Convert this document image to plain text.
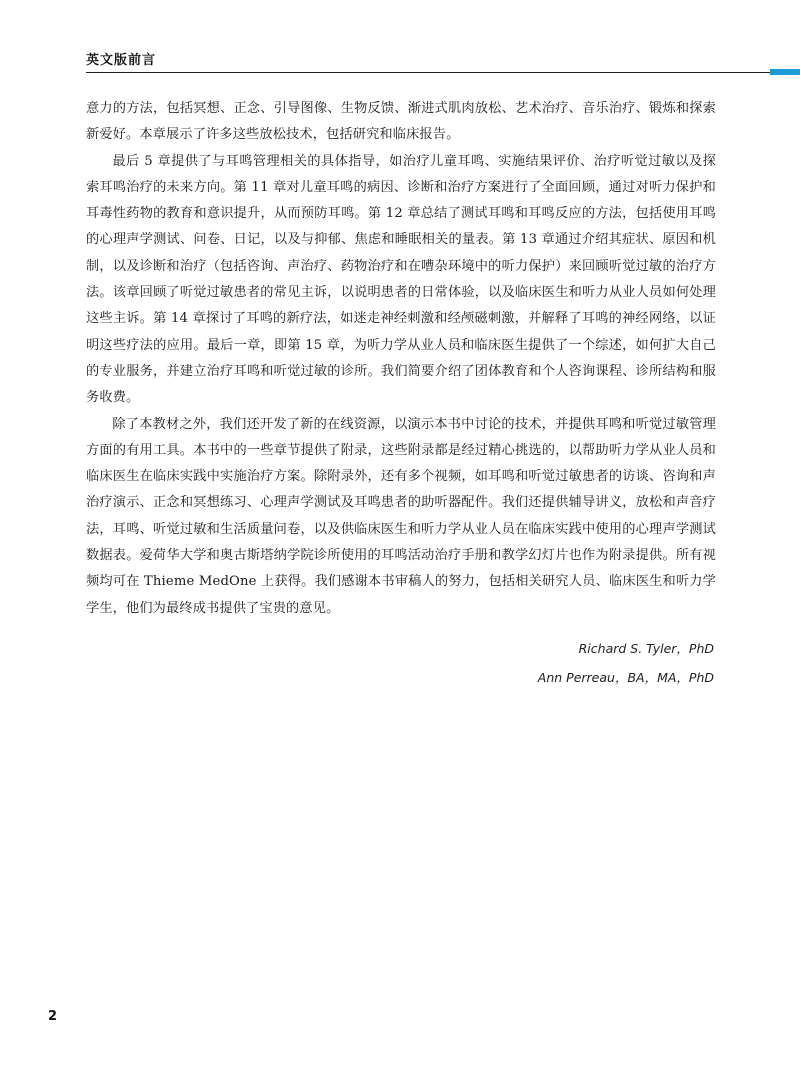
英文版前言

意力的方法，包括冥想、正念、引导图像、生物反馈、渐进式肌肉放松、艺术治疗、音乐治疗、锻炼和探索新爱好。本章展示了许多这些放松技术，包括研究和临床报告。

最后 5 章提供了与耳鸣管理相关的具体指导，如治疗儿童耳鸣、实施结果评价、治疗听觉过敏以及探索耳鸣治疗的未来方向。第 11 章对儿童耳鸣的病因、诊断和治疗方案进行了全面回顾，通过对听力保护和耳毒性药物的教育和意识提升，从而预防耳鸣。第 12 章总结了测试耳鸣和耳鸣反应的方法，包括使用耳鸣的心理声学测试、问卷、日记，以及与抑郁、焦虑和睡眠相关的量表。第 13 章通过介绍其症状、原因和机制，以及诊断和治疗（包括咨询、声治疗、药物治疗和在嘈杂环境中的听力保护）来回顾听觉过敏的治疗方法。该章回顾了听觉过敏患者的常见主诉，以说明患者的日常体验，以及临床医生和听力从业人员如何处理这些主诉。第 14 章探讨了耳鸣的新疗法，如迷走神经刺激和经颅磁刺激，并解释了耳鸣的神经网络，以证明这些疗法的应用。最后一章，即第 15 章，为听力学从业人员和临床医生提供了一个综述，如何扩大自己的专业服务，并建立治疗耳鸣和听觉过敏的诊所。我们简要介绍了团体教育和个人咨询课程、诊所结构和服务收费。

除了本教材之外，我们还开发了新的在线资源，以演示本书中讨论的技术，并提供耳鸣和听觉过敏管理方面的有用工具。本书中的一些章节提供了附录，这些附录都是经过精心挑选的，以帮助听力学从业人员和临床医生在临床实践中实施治疗方案。除附录外，还有多个视频，如耳鸣和听觉过敏患者的访谈、咨询和声治疗演示、正念和冥想练习、心理声学测试及耳鸣患者的助听器配件。我们还提供辅导讲义，放松和声音疗法，耳鸣、听觉过敏和生活质量问卷，以及供临床医生和听力学从业人员在临床实践中使用的心理声学测试数据表。爱荷华大学和奥古斯塔纳学院诊所使用的耳鸣活动治疗手册和教学幻灯片也作为附录提供。所有视频均可在 Thieme MedOne 上获得。我们感谢本书审稿人的努力，包括相关研究人员、临床医生和听力学学生，他们为最终成书提供了宝贵的意见。

Richard S. Tyler，PhD
Ann Perreau，BA，MA，PhD
2
